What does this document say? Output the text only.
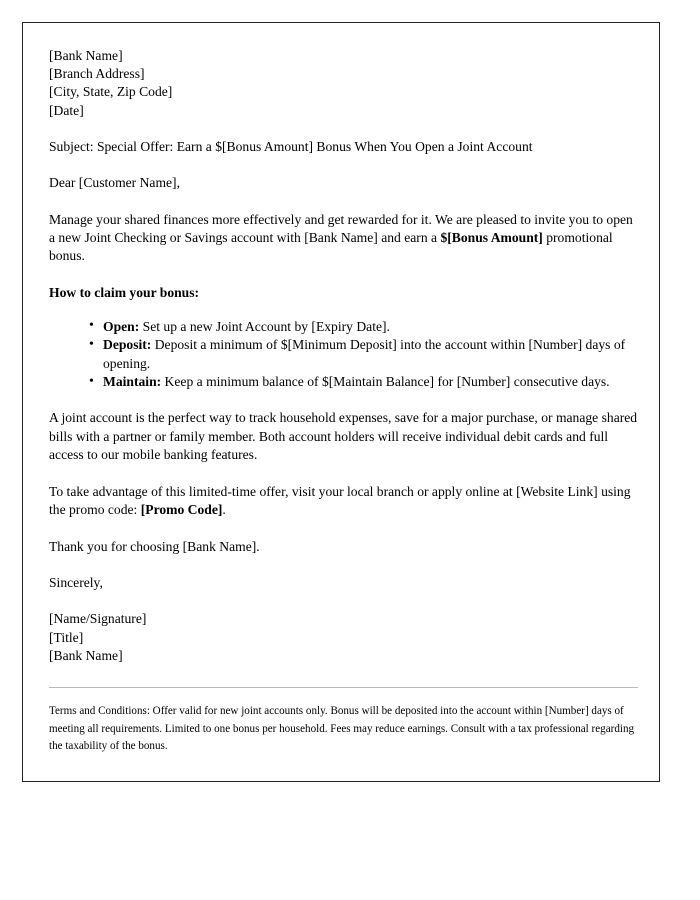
[Bank Name]
[Branch Address]
[City, State, Zip Code]
[Date]

Subject: Special Offer: Earn a $[Bonus Amount] Bonus When You Open a Joint Account

Dear [Customer Name],

Manage your shared finances more effectively and get rewarded for it. We are pleased to invite you to open a new Joint Checking or Savings account with [Bank Name] and earn a $[Bonus Amount] promotional bonus.

How to claim your bonus:

• Open: Set up a new Joint Account by [Expiry Date].
• Deposit: Deposit a minimum of $[Minimum Deposit] into the account within [Number] days of opening.
• Maintain: Keep a minimum balance of $[Maintain Balance] for [Number] consecutive days.

A joint account is the perfect way to track household expenses, save for a major purchase, or manage shared bills with a partner or family member. Both account holders will receive individual debit cards and full access to our mobile banking features.

To take advantage of this limited-time offer, visit your local branch or apply online at [Website Link] using the promo code: [Promo Code].

Thank you for choosing [Bank Name].

Sincerely,

[Name/Signature]
[Title]
[Bank Name]

Terms and Conditions: Offer valid for new joint accounts only. Bonus will be deposited into the account within [Number] days of meeting all requirements. Limited to one bonus per household. Fees may reduce earnings. Consult with a tax professional regarding the taxability of the bonus.
